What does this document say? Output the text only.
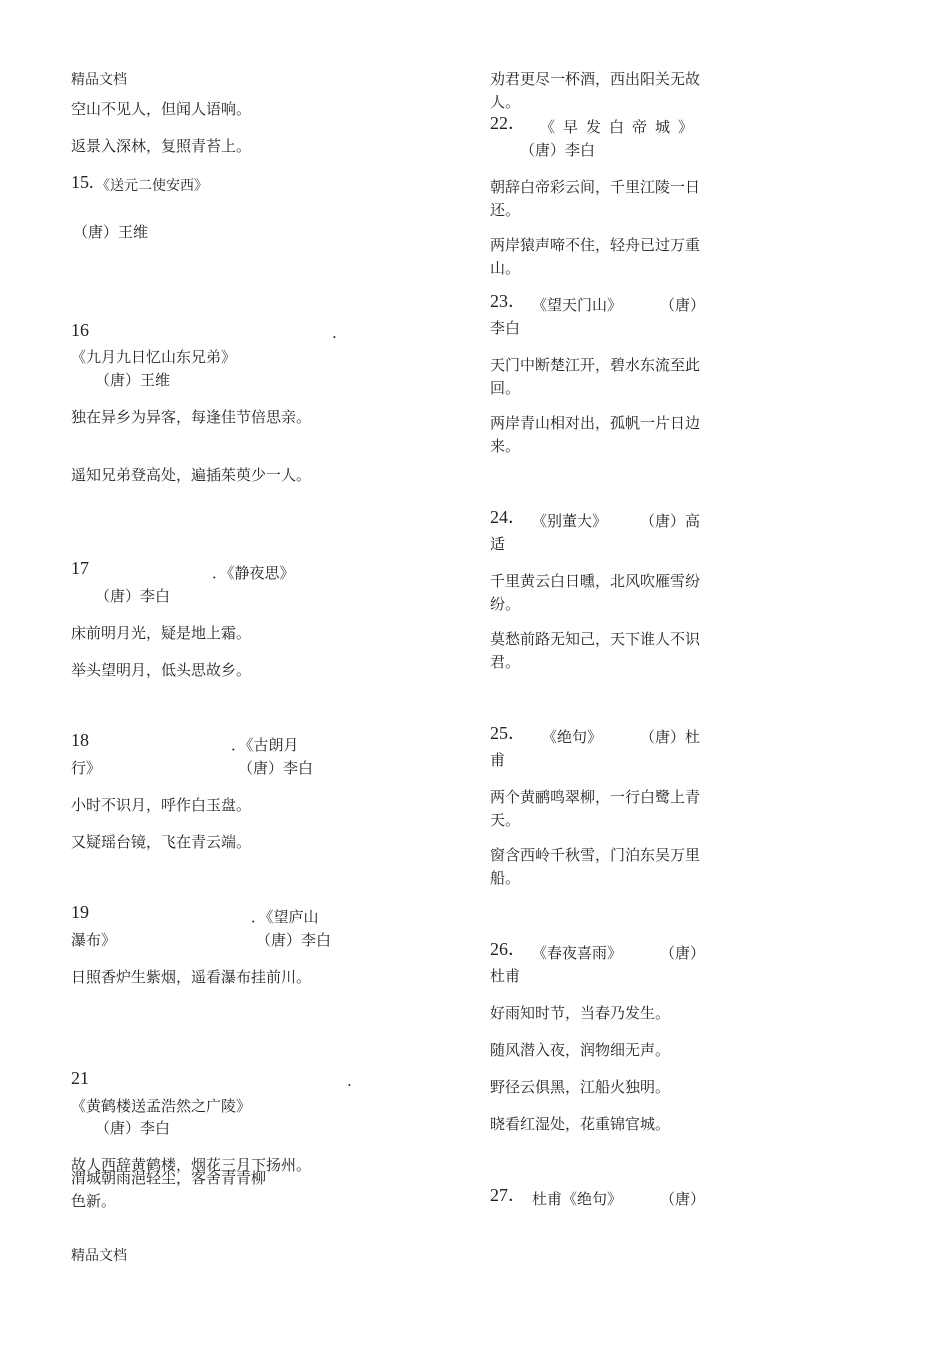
精品文档
精品文档
空山不见人，但闻人语响。
返景入深林，复照青苔上。
15. 《送元二使安西》
（唐）王维
16	.
《九月九日忆山东兄弟》
（唐）王维
独在异乡为异客，每逢佳节倍思亲。
遥知兄弟登高处，遍插茱萸少一人。
17	．《静夜思》
（唐）李白
床前明月光，疑是地上霜。
举头望明月，低头思故乡。
18	．《古朗月
行》	（唐）李白
小时不识月，呼作白玉盘。
又疑瑶台镜，飞在青云端。
19	．《望庐山
瀑布》	（唐）李白
日照香炉生紫烟，遥看瀑布挂前川。
21	.
《黄鹤楼送孟浩然之广陵》
（唐）李白
故人西辞黄鹤楼，烟花三月下扬州。
渭城朝雨浥轻尘，客舍青青柳色新。
劝君更尽一杯酒，西出阳关无故人。
22． 《早发白帝城》
（唐）李白
朝辞白帝彩云间，千里江陵一日还。
两岸猿声啼不住，轻舟已过万重山。
23． 《望天门山》	（唐）
李白
天门中断楚江开，碧水东流至此回。
两岸青山相对出，孤帆一片日边来。
24． 《别董大》 （唐）高
适
千里黄云白日曛，北风吹雁雪纷纷。
莫愁前路无知己，天下谁人不识君。
25． 《绝句》	（唐）杜
甫
两个黄鹂鸣翠柳，一行白鹭上青天。
窗含西岭千秋雪，门泊东吴万里船。
26． 《春夜喜雨》	（唐）
杜甫
好雨知时节，当春乃发生。
随风潜入夜，润物细无声。
野径云俱黑，江船火独明。
晓看红湿处，花重锦官城。
27． 杜甫《绝句》	（唐）
